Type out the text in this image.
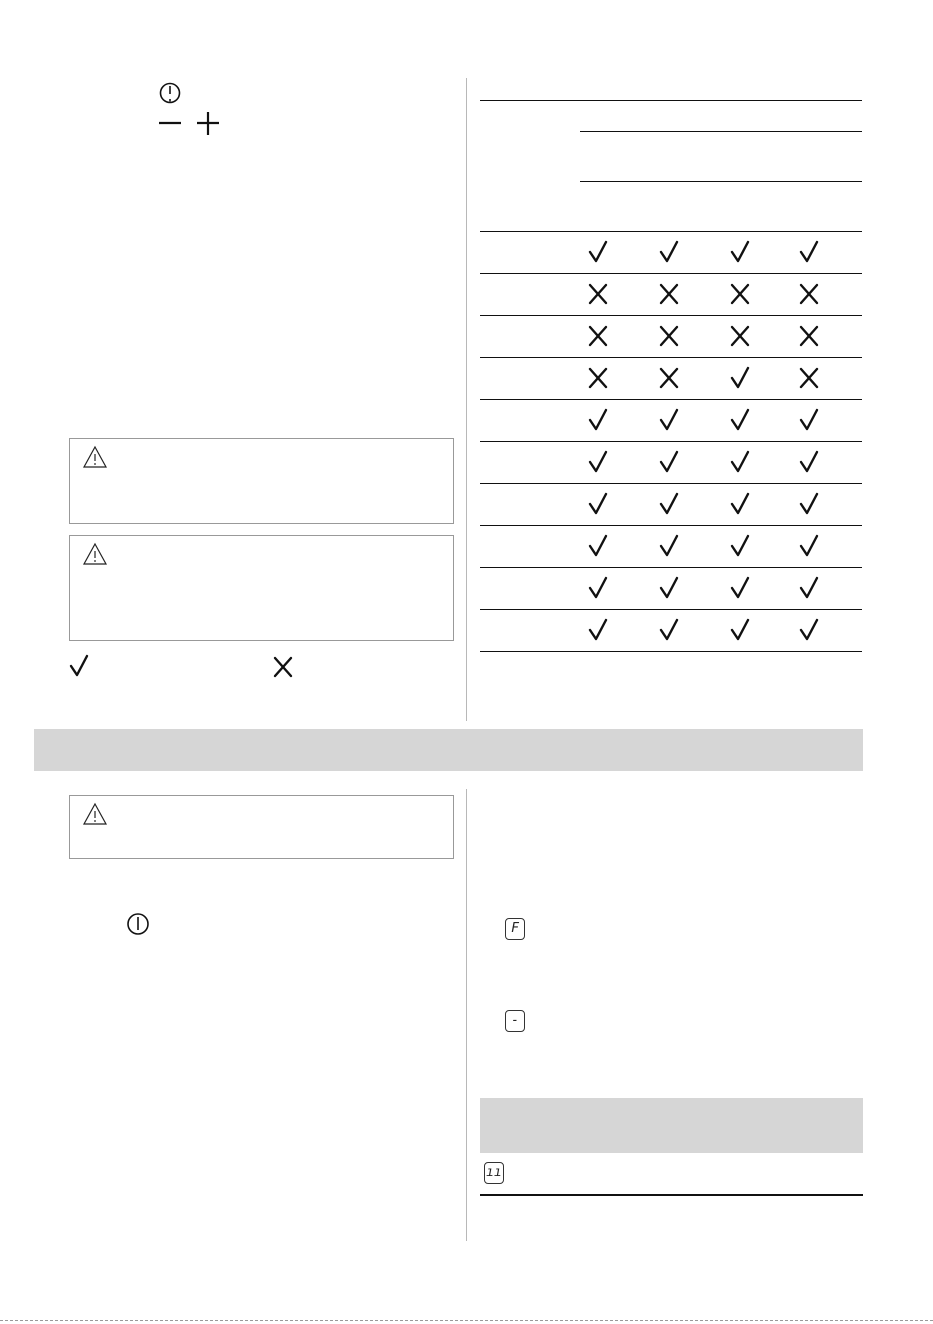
F
-
ıı
